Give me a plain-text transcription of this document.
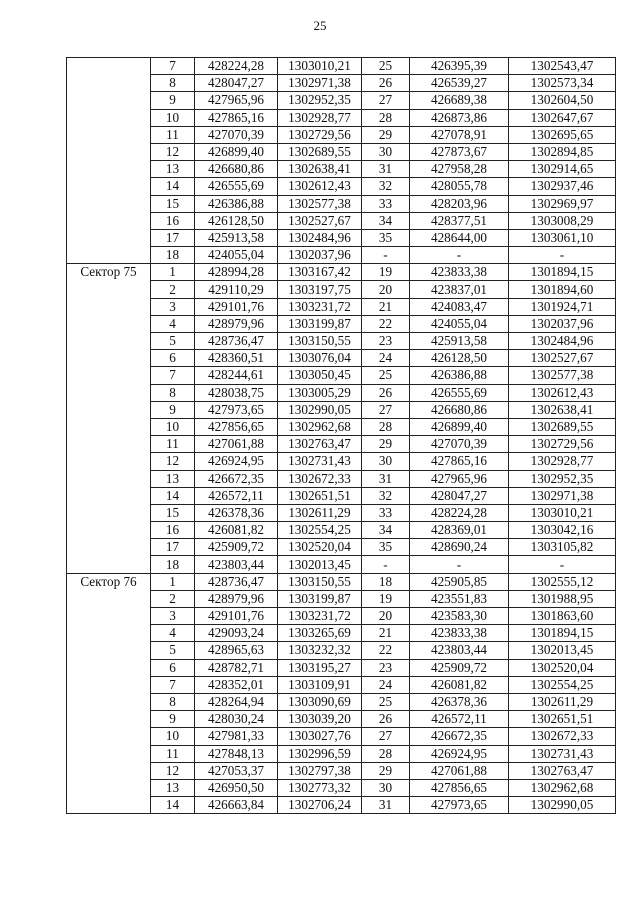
25
	7	428224,28	1303010,21	25	426395,39	1302543,47
	8	428047,27	1302971,38	26	426539,27	1302573,34
	9	427965,96	1302952,35	27	426689,38	1302604,50
	10	427865,16	1302928,77	28	426873,86	1302647,67
	11	427070,39	1302729,56	29	427078,91	1302695,65
	12	426899,40	1302689,55	30	427873,67	1302894,85
	13	426680,86	1302638,41	31	427958,28	1302914,65
	14	426555,69	1302612,43	32	428055,78	1302937,46
	15	426386,88	1302577,38	33	428203,96	1302969,97
	16	426128,50	1302527,67	34	428377,51	1303008,29
	17	425913,58	1302484,96	35	428644,00	1303061,10
	18	424055,04	1302037,96	-	-	-
Сектор 75	1	428994,28	1303167,42	19	423833,38	1301894,15
	2	429110,29	1303197,75	20	423837,01	1301894,60
	3	429101,76	1303231,72	21	424083,47	1301924,71
	4	428979,96	1303199,87	22	424055,04	1302037,96
	5	428736,47	1303150,55	23	425913,58	1302484,96
	6	428360,51	1303076,04	24	426128,50	1302527,67
	7	428244,61	1303050,45	25	426386,88	1302577,38
	8	428038,75	1303005,29	26	426555,69	1302612,43
	9	427973,65	1302990,05	27	426680,86	1302638,41
	10	427856,65	1302962,68	28	426899,40	1302689,55
	11	427061,88	1302763,47	29	427070,39	1302729,56
	12	426924,95	1302731,43	30	427865,16	1302928,77
	13	426672,35	1302672,33	31	427965,96	1302952,35
	14	426572,11	1302651,51	32	428047,27	1302971,38
	15	426378,36	1302611,29	33	428224,28	1303010,21
	16	426081,82	1302554,25	34	428369,01	1303042,16
	17	425909,72	1302520,04	35	428690,24	1303105,82
	18	423803,44	1302013,45	-	-	-
Сектор 76	1	428736,47	1303150,55	18	425905,85	1302555,12
	2	428979,96	1303199,87	19	423551,83	1301988,95
	3	429101,76	1303231,72	20	423583,30	1301863,60
	4	429093,24	1303265,69	21	423833,38	1301894,15
	5	428965,63	1303232,32	22	423803,44	1302013,45
	6	428782,71	1303195,27	23	425909,72	1302520,04
	7	428352,01	1303109,91	24	426081,82	1302554,25
	8	428264,94	1303090,69	25	426378,36	1302611,29
	9	428030,24	1303039,20	26	426572,11	1302651,51
	10	427981,33	1303027,76	27	426672,35	1302672,33
	11	427848,13	1302996,59	28	426924,95	1302731,43
	12	427053,37	1302797,38	29	427061,88	1302763,47
	13	426950,50	1302773,32	30	427856,65	1302962,68
	14	426663,84	1302706,24	31	427973,65	1302990,05
